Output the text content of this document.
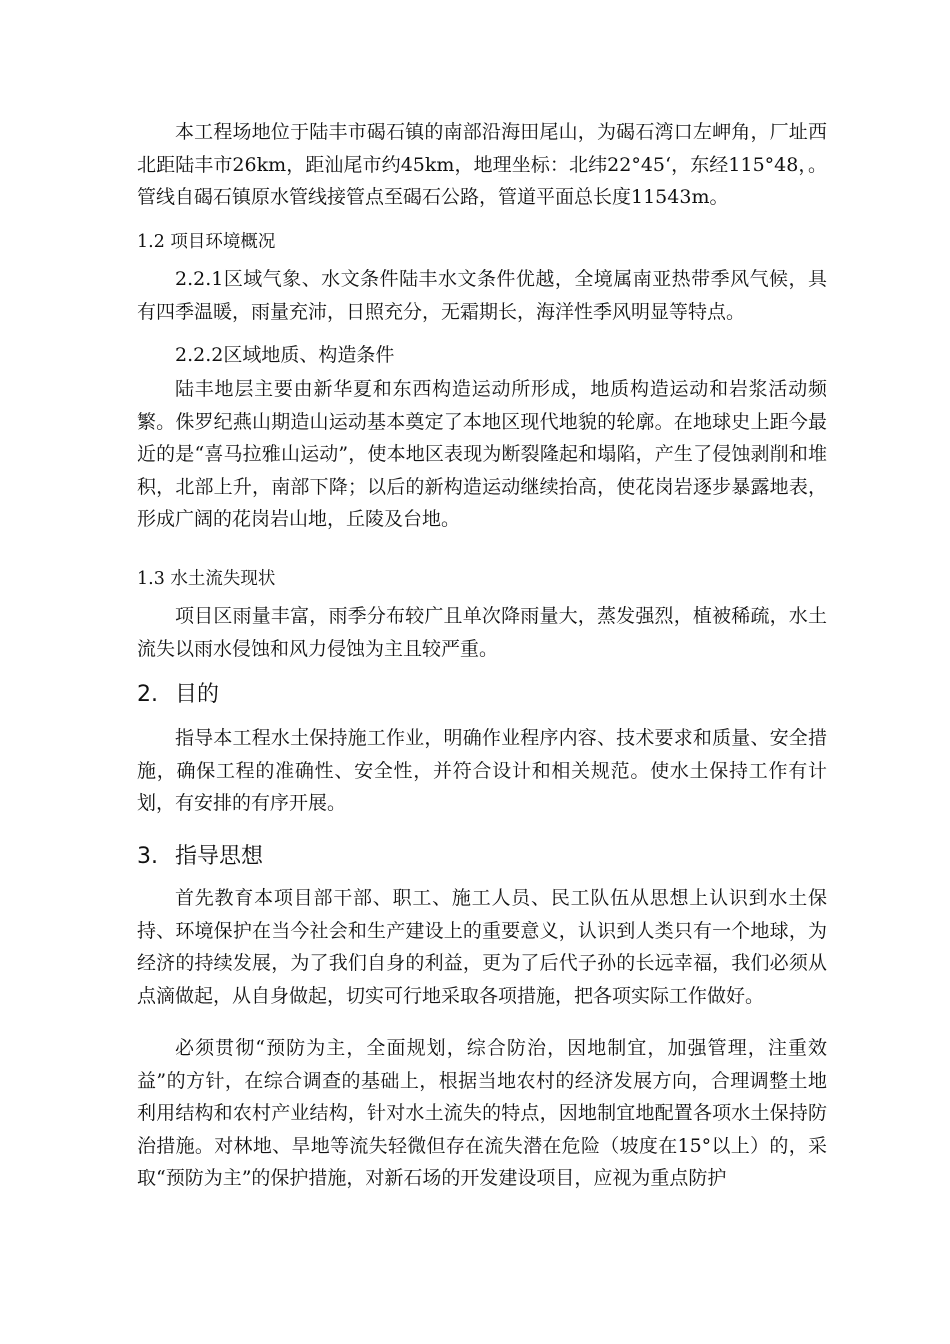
本工程场地位于陆丰市碣石镇的南部沿海田尾山，为碣石湾口左岬角，厂址西北距陆丰市26km，距汕尾市约45km，地理坐标：北纬22°45‘，东经115°48，。管线自碣石镇原水管线接管点至碣石公路，管道平面总长度11543m。

1.2 项目环境概况

2.2.1区域气象、水文条件陆丰水文条件优越，全境属南亚热带季风气候，具有四季温暖，雨量充沛，日照充分，无霜期长，海洋性季风明显等特点。

2.2.2区域地质、构造条件

陆丰地层主要由新华夏和东西构造运动所形成，地质构造运动和岩浆活动频繁。侏罗纪燕山期造山运动基本奠定了本地区现代地貌的轮廓。在地球史上距今最近的是“喜马拉雅山运动”，使本地区表现为断裂隆起和塌陷，产生了侵蚀剥削和堆积，北部上升，南部下降；以后的新构造运动继续抬高，使花岗岩逐步暴露地表，形成广阔的花岗岩山地，丘陵及台地。

1.3 水土流失现状

项目区雨量丰富，雨季分布较广且单次降雨量大，蒸发强烈，植被稀疏，水土流失以雨水侵蚀和风力侵蚀为主且较严重。

2. 目的

指导本工程水土保持施工作业，明确作业程序内容、技术要求和质量、安全措施，确保工程的准确性、安全性，并符合设计和相关规范。使水土保持工作有计划，有安排的有序开展。

3. 指导思想

首先教育本项目部干部、职工、施工人员、民工队伍从思想上认识到水土保持、环境保护在当今社会和生产建设上的重要意义，认识到人类只有一个地球，为经济的持续发展，为了我们自身的利益，更为了后代子孙的长远幸福，我们必须从点滴做起，从自身做起，切实可行地采取各项措施，把各项实际工作做好。

必须贯彻“预防为主，全面规划，综合防治，因地制宜，加强管理，注重效益”的方针，在综合调查的基础上，根据当地农村的经济发展方向，合理调整土地利用结构和农村产业结构，针对水土流失的特点，因地制宜地配置各项水土保持防治措施。对林地、旱地等流失轻微但存在流失潜在危险（坡度在15°以上）的，采取“预防为主”的保护措施，对新石场的开发建设项目，应视为重点防护
